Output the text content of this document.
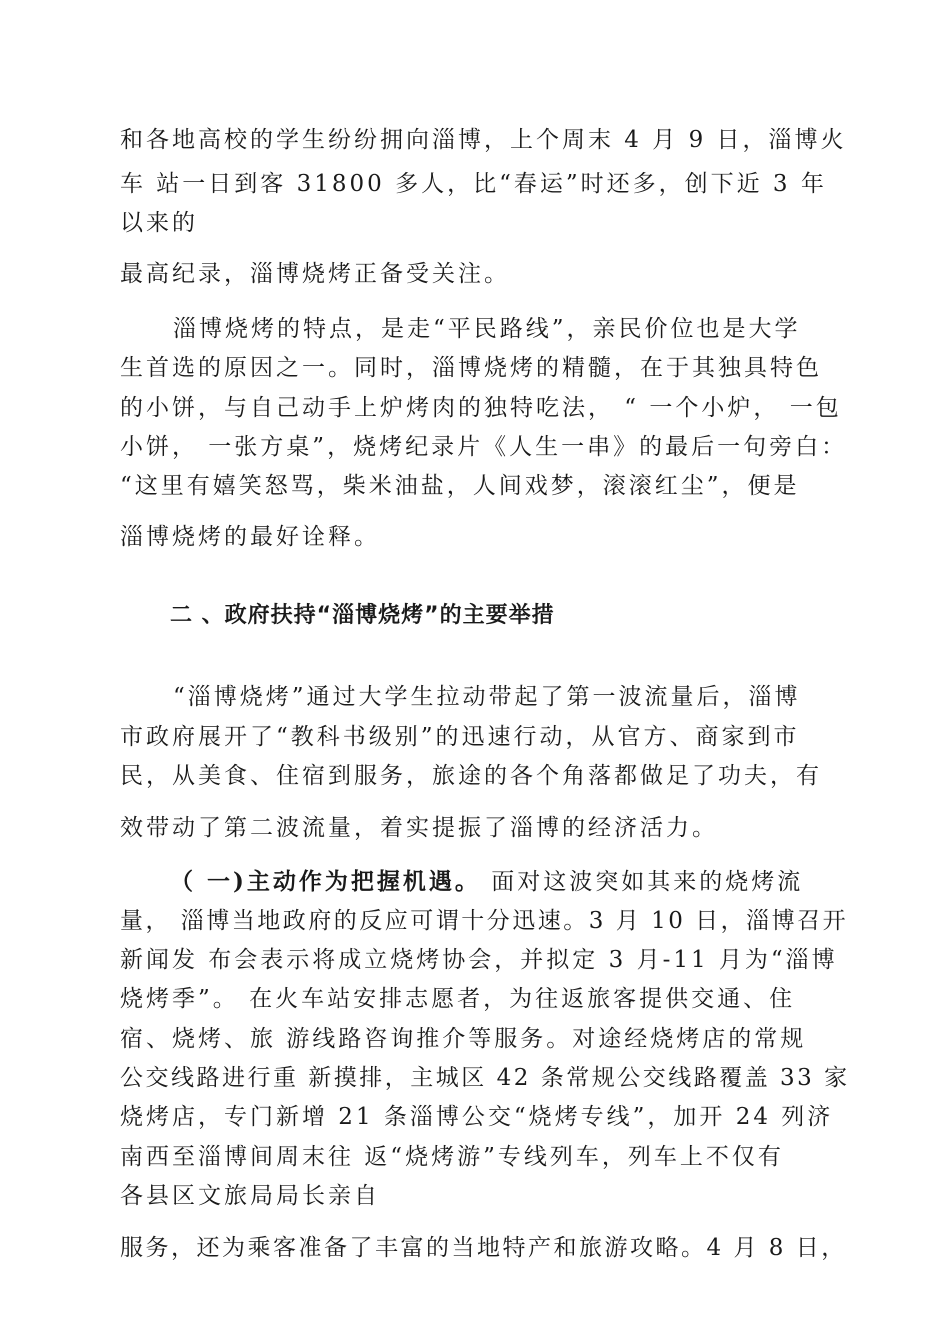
和各地高校的学生纷纷拥向淄博，上个周末 4 月 9 日，淄博火

车 站一日到客 31800 多人，比“春运”时还多，创下近 3 年

以来的

最高纪录，淄博烧烤正备受关注。

淄博烧烤的特点，是走“平民路线”，亲民价位也是大学

生首选的原因之一。同时，淄博烧烤的精髓，在于其独具特色

的小饼，与自己动手上炉烤肉的独特吃法， “ 一个小炉， 一包

小饼， 一张方桌”，烧烤纪录片《人生一串》的最后一句旁白：

“这里有嬉笑怒骂，柴米油盐，人间戏梦，滚滚红尘”，便是

淄博烧烤的最好诠释。

二 、政府扶持“淄博烧烤”的主要举措

“淄博烧烤”通过大学生拉动带起了第一波流量后，淄博

市政府展开了“教科书级别”的迅速行动，从官方、商家到市

民，从美食、住宿到服务，旅途的各个角落都做足了功夫，有

效带动了第二波流量，着实提振了淄博的经济活力。

（ 一)主动作为把握机遇。 面对这波突如其来的烧烤流

量， 淄博当地政府的反应可谓十分迅速。3 月 10 日，淄博召开

新闻发 布会表示将成立烧烤协会，并拟定 3 月-11 月为“淄博

烧烤季”。 在火车站安排志愿者，为往返旅客提供交通、住

宿、烧烤、旅 游线路咨询推介等服务。对途经烧烤店的常规

公交线路进行重 新摸排，主城区 42 条常规公交线路覆盖 33 家

烧烤店，专门新增 21 条淄博公交“烧烤专线”，加开 24 列济

南西至淄博间周末往 返“烧烤游”专线列车，列车上不仅有

各县区文旅局局长亲自

服务，还为乘客准备了丰富的当地特产和旅游攻略。4 月 8 日，
